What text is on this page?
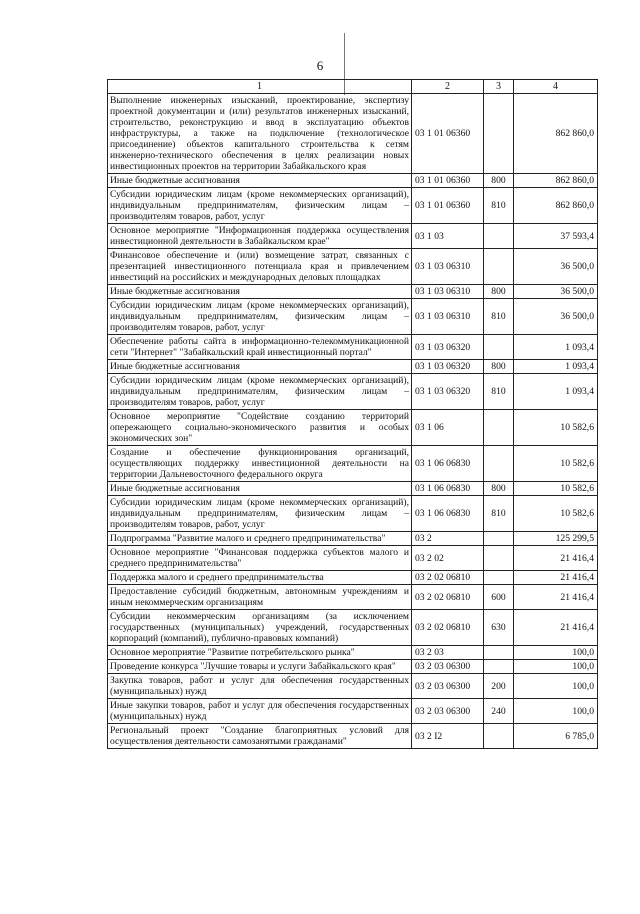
6
1	2	3	4
Выполнение инженерных изысканий, проектирование, экспертизу проектной документации и (или) результатов инженерных изысканий, строительство, реконструкцию и ввод в эксплуатацию объектов инфраструктуры, а также на подключение (технологическое присоединение) объектов капитального строительства к сетям инженерно-технического обеспечения в целях реализации новых инвестиционных проектов на территории Забайкальского края	03 1 01 06360		862 860,0
Иные бюджетные ассигнования	03 1 01 06360	800	862 860,0
Субсидии юридическим лицам (кроме некоммерческих организаций), индивидуальным предпринимателям, физическим лицам – производителям товаров, работ, услуг	03 1 01 06360	810	862 860,0
Основное мероприятие "Информационная поддержка осуществления инвестиционной деятельности в Забайкальском крае"	03 1 03		37 593,4
Финансовое обеспечение и (или) возмещение затрат, связанных с презентацией инвестиционного потенциала края и привлечением инвестиций на российских и международных деловых площадках	03 1 03 06310		36 500,0
Иные бюджетные ассигнования	03 1 03 06310	800	36 500,0
Субсидии юридическим лицам (кроме некоммерческих организаций), индивидуальным предпринимателям, физическим лицам – производителям товаров, работ, услуг	03 1 03 06310	810	36 500,0
Обеспечение работы сайта в информационно-телекоммуникационной сети "Интернет" "Забайкальский край инвестиционный портал"	03 1 03 06320		1 093,4
Иные бюджетные ассигнования	03 1 03 06320	800	1 093,4
Субсидии юридическим лицам (кроме некоммерческих организаций), индивидуальным предпринимателям, физическим лицам – производителям товаров, работ, услуг	03 1 03 06320	810	1 093,4
Основное мероприятие "Содействие созданию территорий опережающего социально-экономического развития и особых экономических зон"	03 1 06		10 582,6
Создание и обеспечение функционирования организаций, осуществляющих поддержку инвестиционной деятельности на территории Дальневосточного федерального округа	03 1 06 06830		10 582,6
Иные бюджетные ассигнования	03 1 06 06830	800	10 582,6
Субсидии юридическим лицам (кроме некоммерческих организаций), индивидуальным предпринимателям, физическим лицам – производителям товаров, работ, услуг	03 1 06 06830	810	10 582,6
Подпрограмма "Развитие малого и среднего предпринимательства"	03 2		125 299,5
Основное мероприятие "Финансовая поддержка субъектов малого и среднего предпринимательства"	03 2 02		21 416,4
Поддержка малого и среднего предпринимательства	03 2 02 06810		21 416,4
Предоставление субсидий бюджетным, автономным учреждениям и иным некоммерческим организациям	03 2 02 06810	600	21 416,4
Субсидии некоммерческим организациям (за исключением государственных (муниципальных) учреждений, государственных корпораций (компаний), публично-правовых компаний)	03 2 02 06810	630	21 416,4
Основное мероприятие "Развитие потребительского рынка"	03 2 03		100,0
Проведение конкурса "Лучшие товары и услуги Забайкальского края"	03 2 03 06300		100,0
Закупка товаров, работ и услуг для обеспечения государственных (муниципальных) нужд	03 2 03 06300	200	100,0
Иные закупки товаров, работ и услуг для обеспечения государственных (муниципальных) нужд	03 2 03 06300	240	100,0
Региональный проект "Создание благоприятных условий для осуществления деятельности самозанятыми гражданами"	03 2 I2		6 785,0
